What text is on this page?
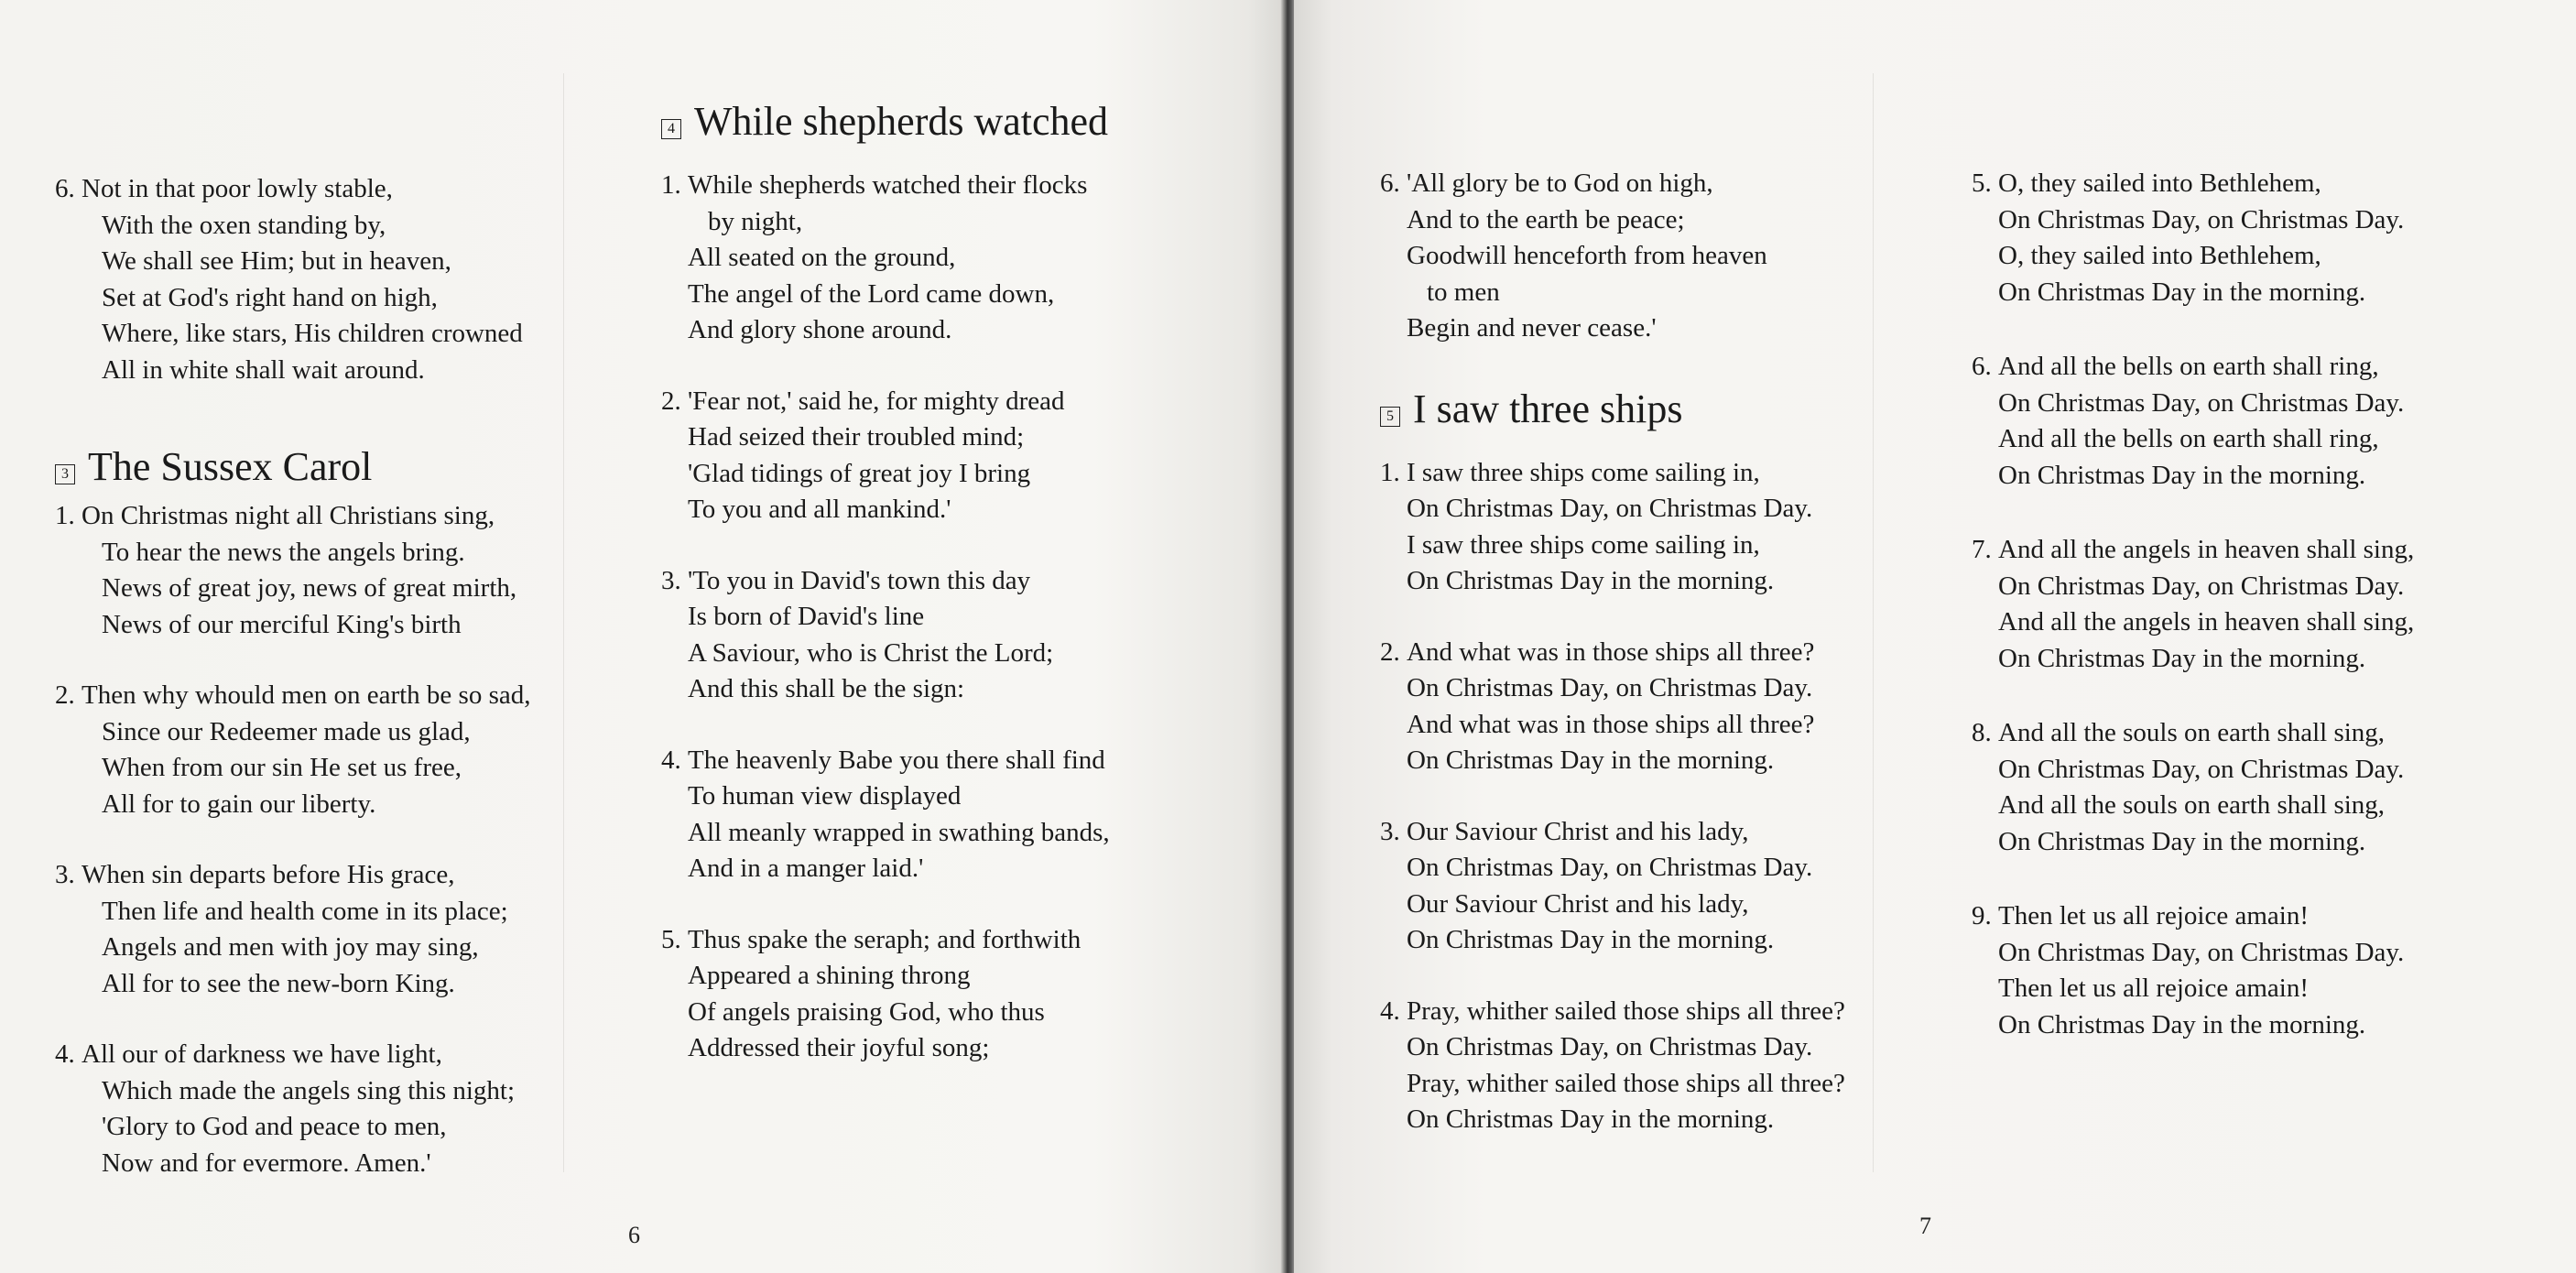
6. Not in that poor lowly stable,
With the oxen standing by,
We shall see Him; but in heaven,
Set at God's right hand on high,
Where, like stars, His children crowned
All in white shall wait around.
3 The Sussex Carol
1. On Christmas night all Christians sing,
To hear the news the angels bring.
News of great joy, news of great mirth,
News of our merciful King's birth
2. Then why whould men on earth be so sad,
Since our Redeemer made us glad,
When from our sin He set us free,
All for to gain our liberty.
3. When sin departs before His grace,
Then life and health come in its place;
Angels and men with joy may sing,
All for to see the new-born King.
4. All our of darkness we have light,
Which made the angels sing this night;
'Glory to God and peace to men,
Now and for evermore. Amen.'
4 While shepherds watched
1. While shepherds watched their flocks
by night,
All seated on the ground,
The angel of the Lord came down,
And glory shone around.
2. 'Fear not,' said he, for mighty dread
Had seized their troubled mind;
'Glad tidings of great joy I bring
To you and all mankind.'
3. 'To you in David's town this day
Is born of David's line
A Saviour, who is Christ the Lord;
And this shall be the sign:
4. The heavenly Babe you there shall find
To human view displayed
All meanly wrapped in swathing bands,
And in a manger laid.'
5. Thus spake the seraph; and forthwith
Appeared a shining throng
Of angels praising God, who thus
Addressed their joyful song;
6
6. 'All glory be to God on high,
And to the earth be peace;
Goodwill henceforth from heaven
to men
Begin and never cease.'
5 I saw three ships
1. I saw three ships come sailing in,
On Christmas Day, on Christmas Day.
I saw three ships come sailing in,
On Christmas Day in the morning.
2. And what was in those ships all three?
On Christmas Day, on Christmas Day.
And what was in those ships all three?
On Christmas Day in the morning.
3. Our Saviour Christ and his lady,
On Christmas Day, on Christmas Day.
Our Saviour Christ and his lady,
On Christmas Day in the morning.
4. Pray, whither sailed those ships all three?
On Christmas Day, on Christmas Day.
Pray, whither sailed those ships all three?
On Christmas Day in the morning.
5. O, they sailed into Bethlehem,
On Christmas Day, on Christmas Day.
O, they sailed into Bethlehem,
On Christmas Day in the morning.
6. And all the bells on earth shall ring,
On Christmas Day, on Christmas Day.
And all the bells on earth shall ring,
On Christmas Day in the morning.
7. And all the angels in heaven shall sing,
On Christmas Day, on Christmas Day.
And all the angels in heaven shall sing,
On Christmas Day in the morning.
8. And all the souls on earth shall sing,
On Christmas Day, on Christmas Day.
And all the souls on earth shall sing,
On Christmas Day in the morning.
9. Then let us all rejoice amain!
On Christmas Day, on Christmas Day.
Then let us all rejoice amain!
On Christmas Day in the morning.
7
